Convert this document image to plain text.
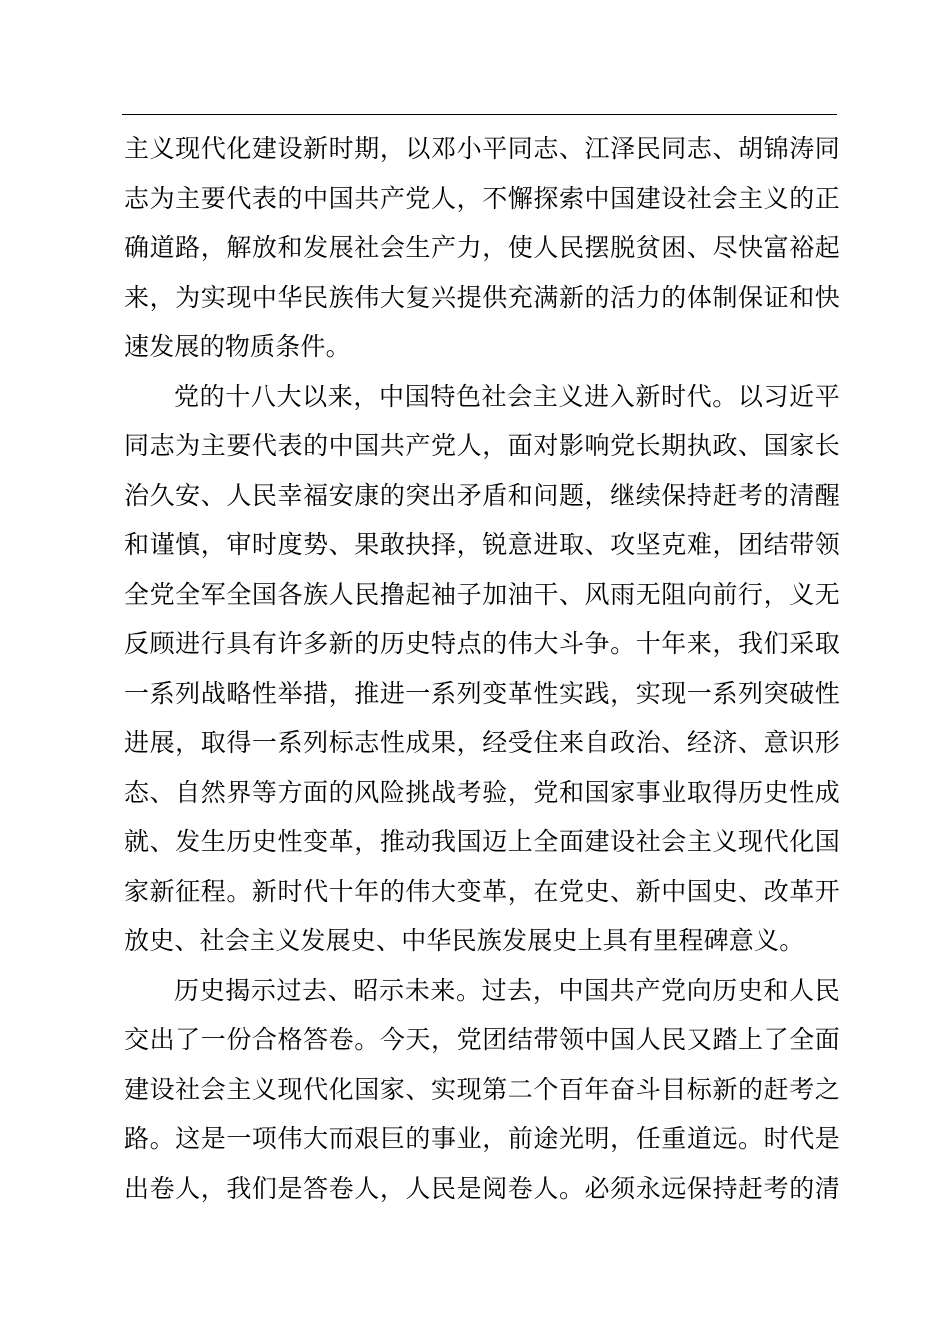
主义现代化建设新时期，以邓小平同志、江泽民同志、胡锦涛同
志为主要代表的中国共产党人，不懈探索中国建设社会主义的正
确道路，解放和发展社会生产力，使人民摆脱贫困、尽快富裕起
来，为实现中华民族伟大复兴提供充满新的活力的体制保证和快
速发展的物质条件。
党的十八大以来，中国特色社会主义进入新时代。以习近平
同志为主要代表的中国共产党人，面对影响党长期执政、国家长
治久安、人民幸福安康的突出矛盾和问题，继续保持赶考的清醒
和谨慎，审时度势、果敢抉择，锐意进取、攻坚克难，团结带领
全党全军全国各族人民撸起袖子加油干、风雨无阻向前行，义无
反顾进行具有许多新的历史特点的伟大斗争。十年来，我们采取
一系列战略性举措，推进一系列变革性实践，实现一系列突破性
进展，取得一系列标志性成果，经受住来自政治、经济、意识形
态、自然界等方面的风险挑战考验，党和国家事业取得历史性成
就、发生历史性变革，推动我国迈上全面建设社会主义现代化国
家新征程。新时代十年的伟大变革，在党史、新中国史、改革开
放史、社会主义发展史、中华民族发展史上具有里程碑意义。
历史揭示过去、昭示未来。过去，中国共产党向历史和人民
交出了一份合格答卷。今天，党团结带领中国人民又踏上了全面
建设社会主义现代化国家、实现第二个百年奋斗目标新的赶考之
路。这是一项伟大而艰巨的事业，前途光明，任重道远。时代是
出卷人，我们是答卷人，人民是阅卷人。必须永远保持赶考的清
